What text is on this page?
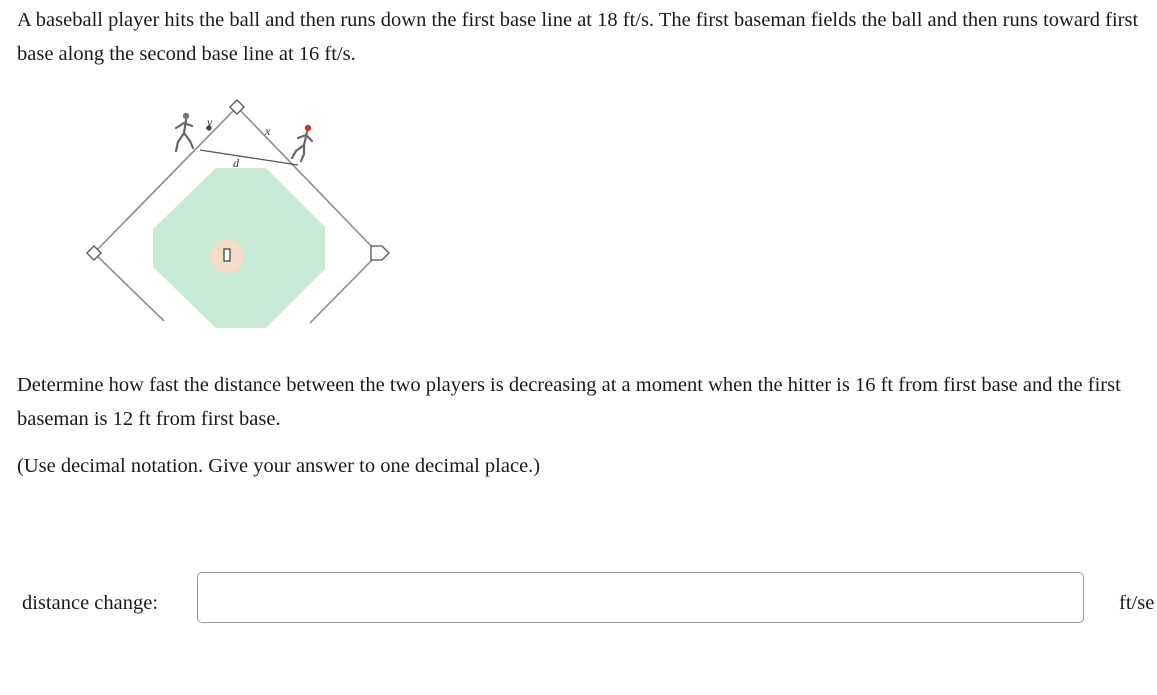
A baseball player hits the ball and then runs down the first base line at 18 ft/s. The first baseman fields the ball and then runs toward first base along the second base line at 16 ft/s.

y
x
d

Determine how fast the distance between the two players is decreasing at a moment when the hitter is 16 ft from first base and the first baseman is 12 ft from first base.

(Use decimal notation. Give your answer to one decimal place.)

distance change:	ft/se
